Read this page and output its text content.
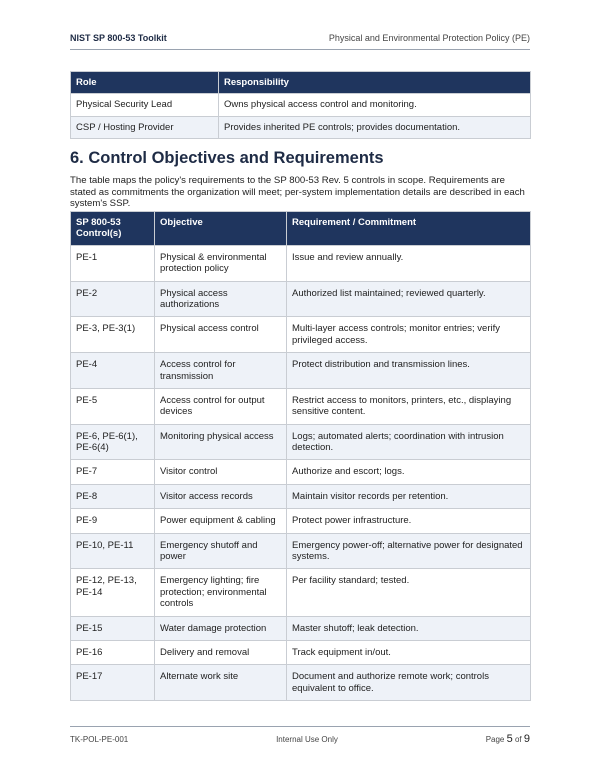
NIST SP 800-53 Toolkit	Physical and Environmental Protection Policy (PE)
Role	Responsibility
Physical Security Lead	Owns physical access control and monitoring.
CSP / Hosting Provider	Provides inherited PE controls; provides documentation.
6. Control Objectives and Requirements

The table maps the policy's requirements to the SP 800-53 Rev. 5 controls in scope. Requirements are stated as commitments the organization will meet; per-system implementation details are described in each system's SSP.

SP 800-53 Control(s)	Objective	Requirement / Commitment
PE-1	Physical & environmental protection policy	Issue and review annually.
PE-2	Physical access authorizations	Authorized list maintained; reviewed quarterly.
PE-3, PE-3(1)	Physical access control	Multi-layer access controls; monitor entries; verify privileged access.
PE-4	Access control for transmission	Protect distribution and transmission lines.
PE-5	Access control for output devices	Restrict access to monitors, printers, etc., displaying sensitive content.
PE-6, PE-6(1), PE-6(4)	Monitoring physical access	Logs; automated alerts; coordination with intrusion detection.
PE-7	Visitor control	Authorize and escort; logs.
PE-8	Visitor access records	Maintain visitor records per retention.
PE-9	Power equipment & cabling	Protect power infrastructure.
PE-10, PE-11	Emergency shutoff and power	Emergency power-off; alternative power for designated systems.
PE-12, PE-13, PE-14	Emergency lighting; fire protection; environmental controls	Per facility standard; tested.
PE-15	Water damage protection	Master shutoff; leak detection.
PE-16	Delivery and removal	Track equipment in/out.
PE-17	Alternate work site	Document and authorize remote work; controls equivalent to office.
TK-POL-PE-001	Internal Use Only	Page 5 of 9
